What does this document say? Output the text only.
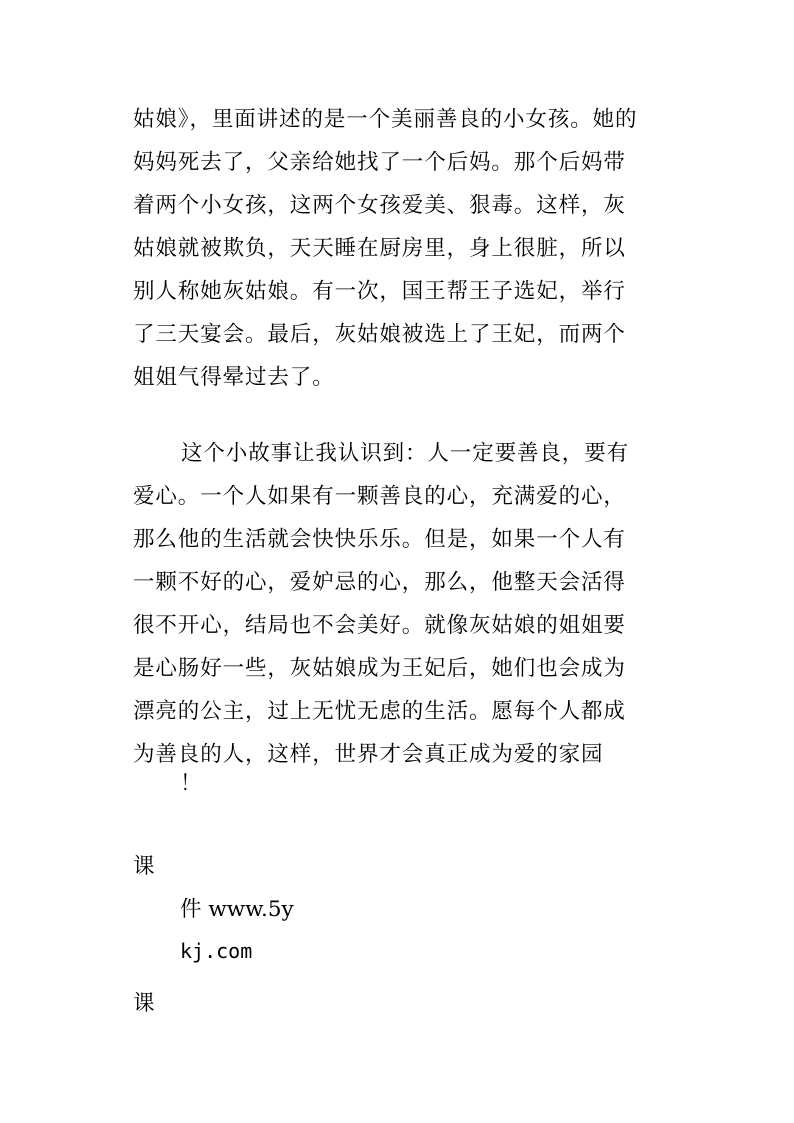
姑娘》，里面讲述的是一个美丽善良的小女孩。她的
妈妈死去了，父亲给她找了一个后妈。那个后妈带
着两个小女孩，这两个女孩爱美、狠毒。这样，灰
姑娘就被欺负，天天睡在厨房里，身上很脏，所以
别人称她灰姑娘。有一次，国王帮王子选妃，举行
了三天宴会。最后，灰姑娘被选上了王妃，而两个
姐姐气得晕过去了。
这个小故事让我认识到：人一定要善良，要有
爱心。一个人如果有一颗善良的心，充满爱的心，
那么他的生活就会快快乐乐。但是，如果一个人有
一颗不好的心，爱妒忌的心，那么，他整天会活得
很不开心，结局也不会美好。就像灰姑娘的姐姐要
是心肠好一些，灰姑娘成为王妃后，她们也会成为
漂亮的公主，过上无忧无虑的生活。愿每个人都成
为善良的人，这样，世界才会真正成为爱的家园
！
课
件 www.5y
kj.com
课
